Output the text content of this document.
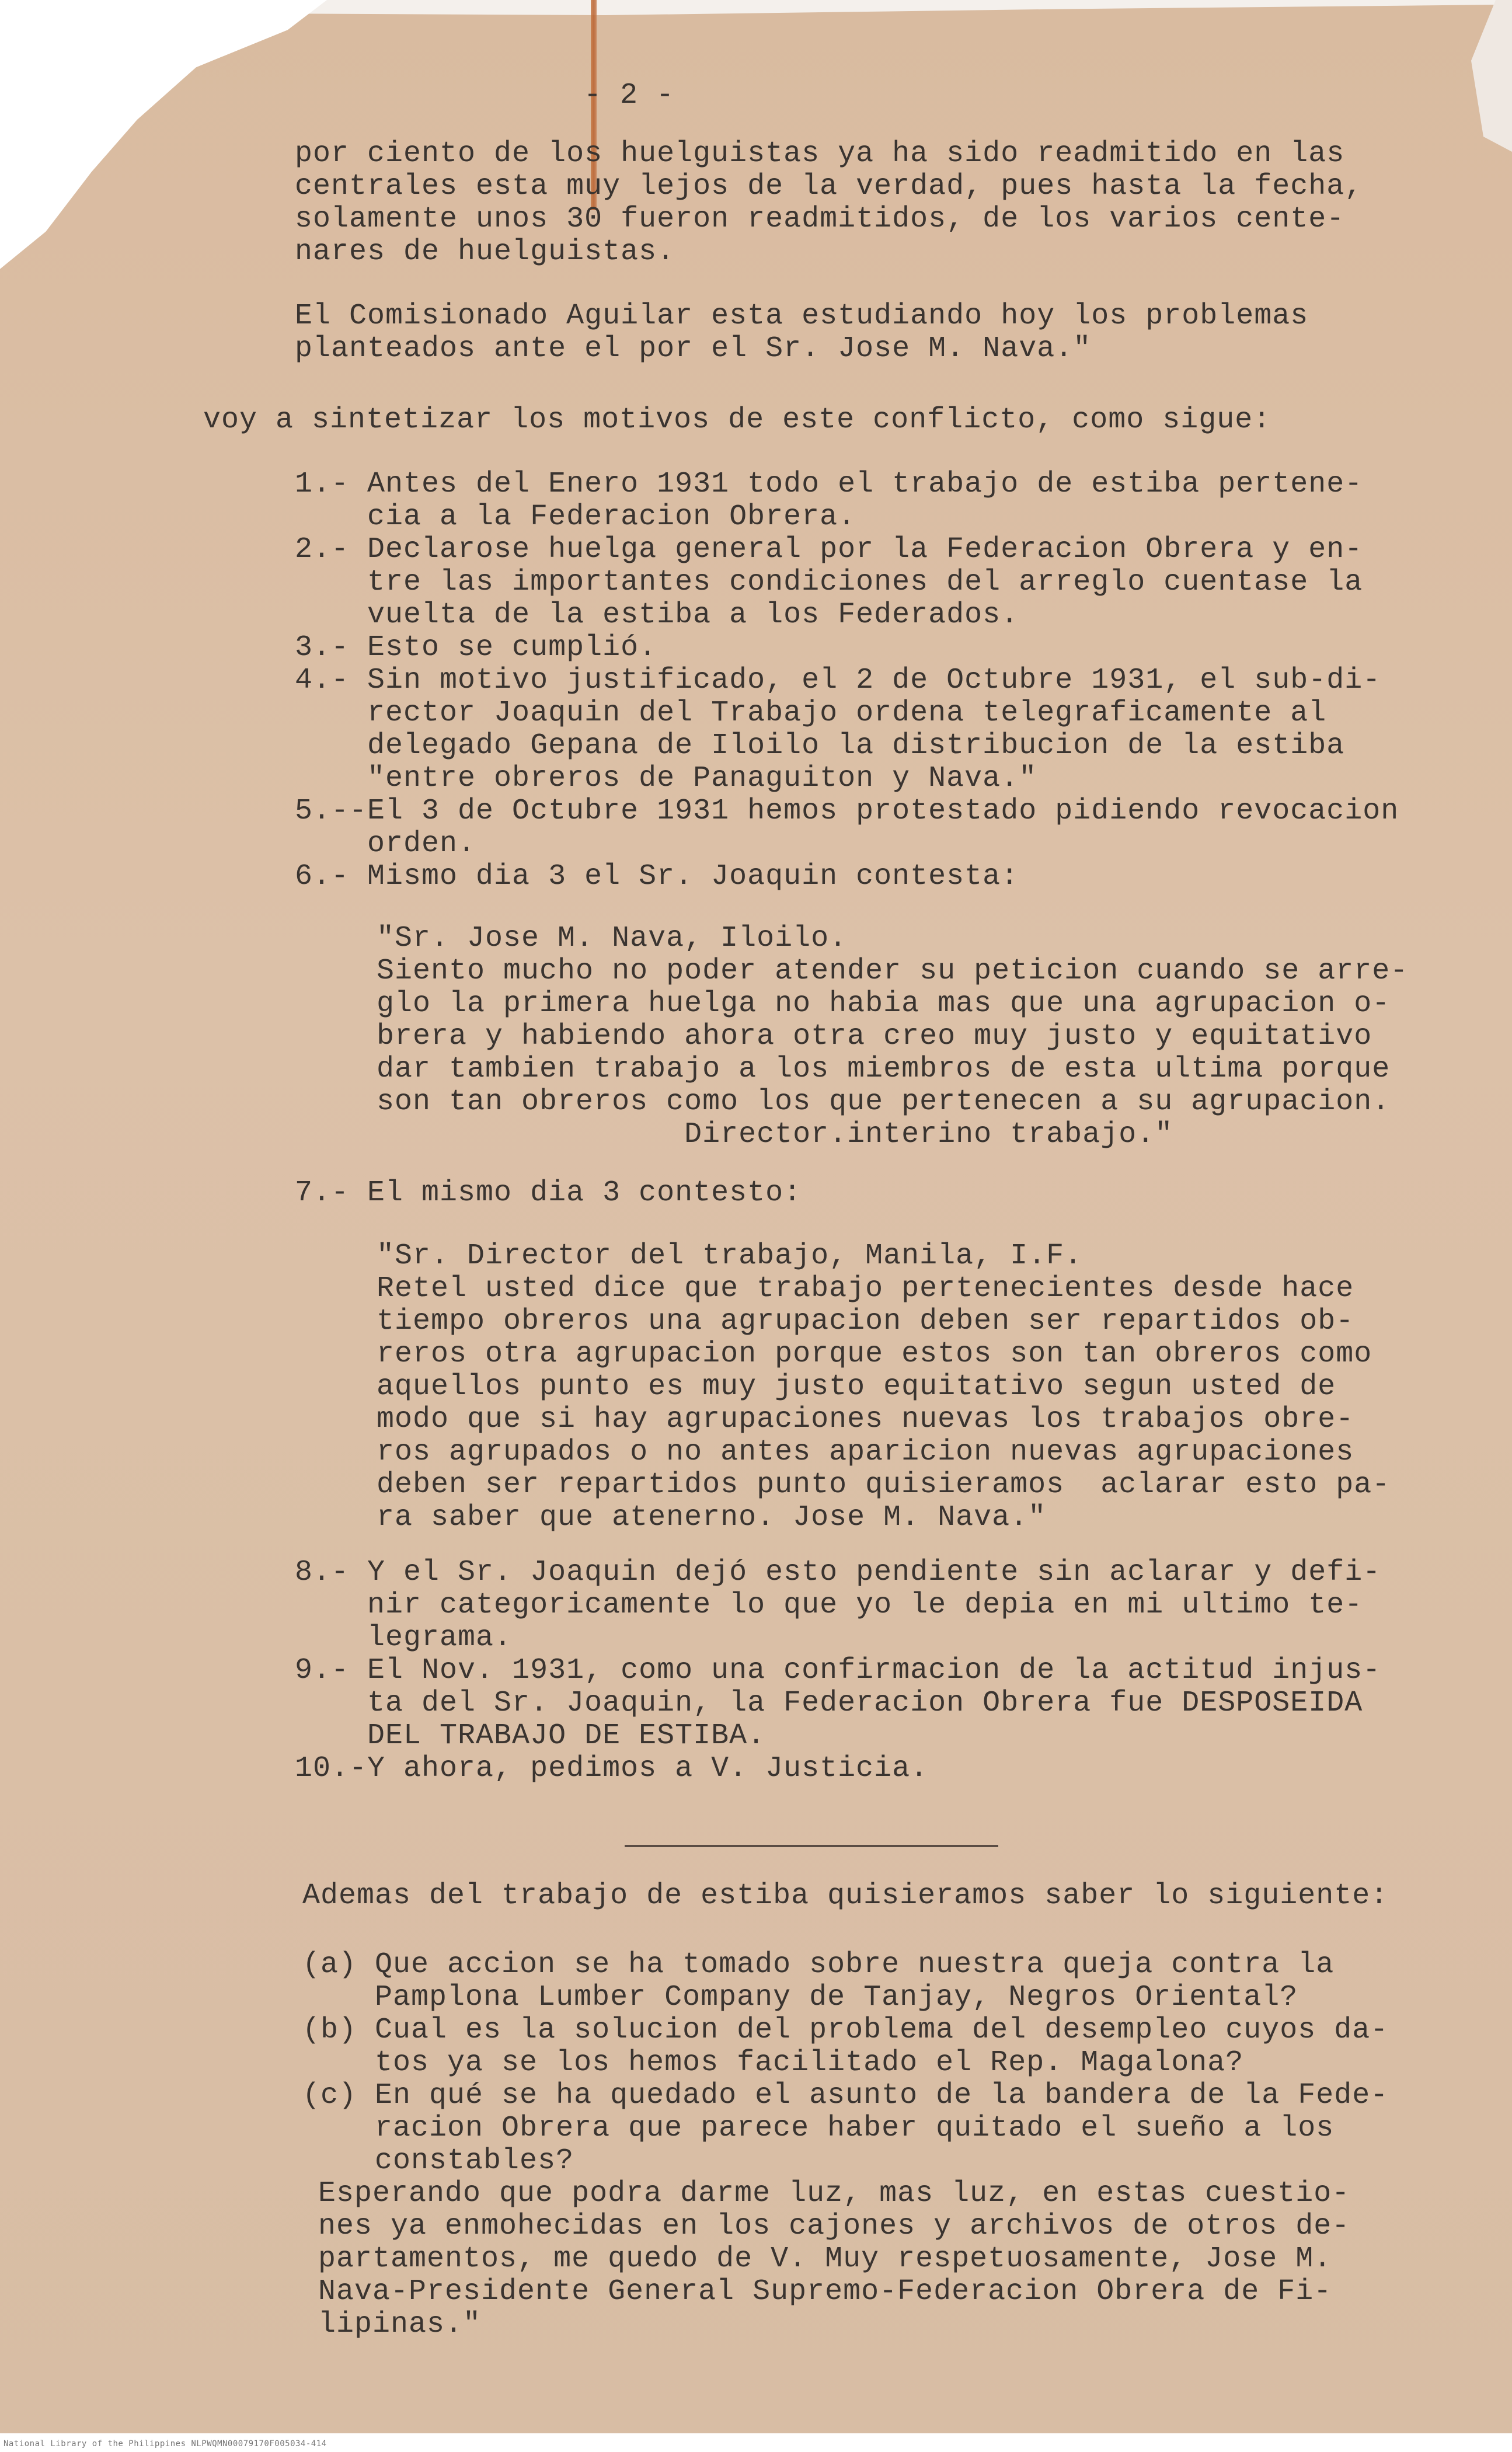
- 2 -
por ciento de los huelguistas ya ha sido readmitido en las
centrales esta muy lejos de la verdad, pues hasta la fecha,
solamente unos 30 fueron readmitidos, de los varios cente-
nares de huelguistas.
El Comisionado Aguilar esta estudiando hoy los problemas
planteados ante el por el Sr. Jose M. Nava."
voy a sintetizar los motivos de este conflicto, como sigue:
1.- Antes del Enero 1931 todo el trabajo de estiba pertene-
cia a la Federacion Obrera.
2.- Declarose huelga general por la Federacion Obrera y en-
tre las importantes condiciones del arreglo cuentase la
vuelta de la estiba a los Federados.
3.- Esto se cumplió.
4.- Sin motivo justificado, el 2 de Octubre 1931, el sub-di-
rector Joaquin del Trabajo ordena telegraficamente al
delegado Gepana de Iloilo la distribucion de la estiba
"entre obreros de Panaguiton y Nava."
5.--El 3 de Octubre 1931 hemos protestado pidiendo revocacion
orden.
6.- Mismo dia 3 el Sr. Joaquin contesta:
"Sr. Jose M. Nava, Iloilo.
Siento mucho no poder atender su peticion cuando se arre-
glo la primera huelga no habia mas que una agrupacion o-
brera y habiendo ahora otra creo muy justo y equitativo
dar tambien trabajo a los miembros de esta ultima porque
son tan obreros como los que pertenecen a su agrupacion.
Director.interino trabajo."
7.- El mismo dia 3 contesto:
"Sr. Director del trabajo, Manila, I.F.
Retel usted dice que trabajo pertenecientes desde hace
tiempo obreros una agrupacion deben ser repartidos ob-
reros otra agrupacion porque estos son tan obreros como
aquellos punto es muy justo equitativo segun usted de
modo que si hay agrupaciones nuevas los trabajos obre-
ros agrupados o no antes aparicion nuevas agrupaciones
deben ser repartidos punto quisieramos  aclarar esto pa-
ra saber que atenerno. Jose M. Nava."
8.- Y el Sr. Joaquin dejó esto pendiente sin aclarar y defi-
nir categoricamente lo que yo le depia en mi ultimo te-
legrama.
9.- El Nov. 1931, como una confirmacion de la actitud injus-
ta del Sr. Joaquin, la Federacion Obrera fue DESPOSEIDA
DEL TRABAJO DE ESTIBA.
10.-Y ahora, pedimos a V. Justicia.
Ademas del trabajo de estiba quisieramos saber lo siguiente:
(a) Que accion se ha tomado sobre nuestra queja contra la
Pamplona Lumber Company de Tanjay, Negros Oriental?
(b) Cual es la solucion del problema del desempleo cuyos da-
tos ya se los hemos facilitado el Rep. Magalona?
(c) En qué se ha quedado el asunto de la bandera de la Fede-
racion Obrera que parece haber quitado el sueño a los
constables?
Esperando que podra darme luz, mas luz, en estas cuestio-
nes ya enmohecidas en los cajones y archivos de otros de-
partamentos, me quedo de V. Muy respetuosamente, Jose M.
Nava-Presidente General Supremo-Federacion Obrera de Fi-
lipinas."
National Library of the Philippines NLPWQMN00079170F005034-414
